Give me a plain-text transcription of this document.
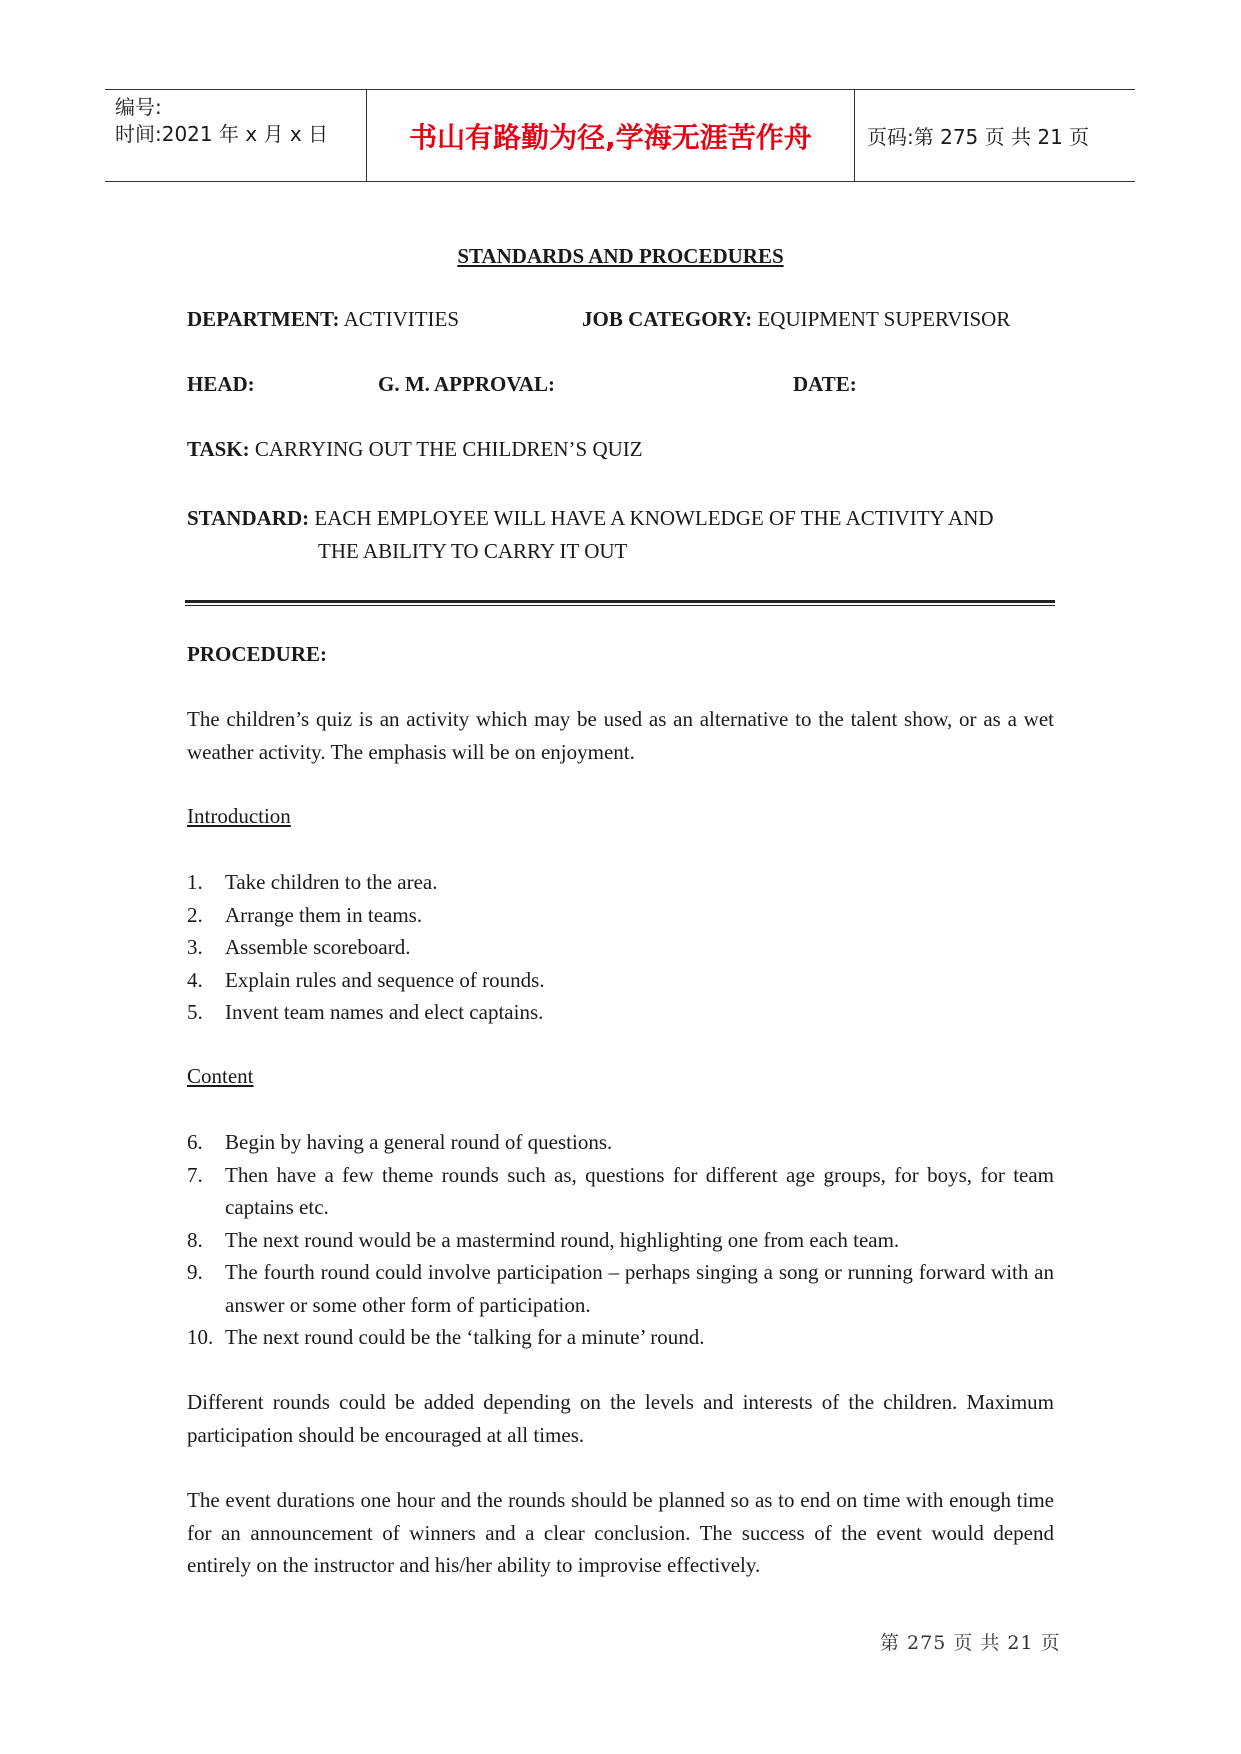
编号:
时间:2021 年 x 月 x 日	书山有路勤为径,学海无涯苦作舟	页码:第 275 页 共 21 页
STANDARDS AND PROCEDURES
DEPARTMENT: ACTIVITIES	JOB CATEGORY: EQUIPMENT SUPERVISOR
HEAD:	G. M. APPROVAL:	DATE:
TASK: CARRYING OUT THE CHILDREN’S QUIZ
STANDARD: EACH EMPLOYEE WILL HAVE A KNOWLEDGE OF THE ACTIVITY AND
THE ABILITY TO CARRY IT OUT
PROCEDURE:
The children’s quiz is an activity which may be used as an alternative to the talent show, or as a wet weather activity. The emphasis will be on enjoyment.
Introduction
1. Take children to the area.
2. Arrange them in teams.
3. Assemble scoreboard.
4. Explain rules and sequence of rounds.
5. Invent team names and elect captains.
Content
6. Begin by having a general round of questions.
7. Then have a few theme rounds such as, questions for different age groups, for boys, for team captains etc.
8. The next round would be a mastermind round, highlighting one from each team.
9. The fourth round could involve participation – perhaps singing a song or running forward with an answer or some other form of participation.
10. The next round could be the ‘talking for a minute’ round.
Different rounds could be added depending on the levels and interests of the children. Maximum participation should be encouraged at all times.
The event durations one hour and the rounds should be planned so as to end on time with enough time for an announcement of winners and a clear conclusion. The success of the event would depend entirely on the instructor and his/her ability to improvise effectively.
第 275 页 共 21 页
